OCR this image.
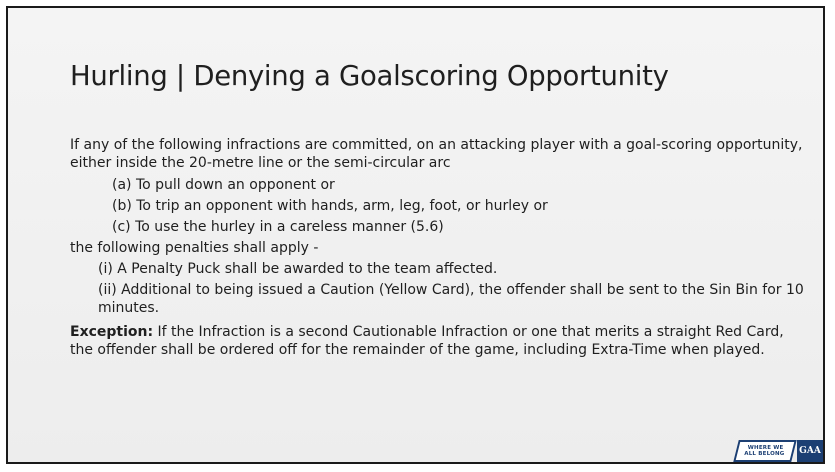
Hurling | Denying a Goalscoring Opportunity

If any of the following infractions are committed, on an attacking player with a goal-scoring opportunity, either inside the 20-metre line or the semi-circular arc

(a) To pull down an opponent or

(b) To trip an opponent with hands, arm, leg, foot, or hurley or

(c) To use the hurley in a careless manner (5.6)

the following penalties shall apply -

(i) A Penalty Puck shall be awarded to the team affected.

(ii) Additional to being issued a Caution (Yellow Card), the offender shall be sent to the Sin Bin for 10 minutes.

Exception: If the Infraction is a second Cautionable Infraction or one that merits a straight Red Card, the offender shall be ordered off for the remainder of the game, including Extra-Time when played.

WHERE WE
ALL BELONG GAA
